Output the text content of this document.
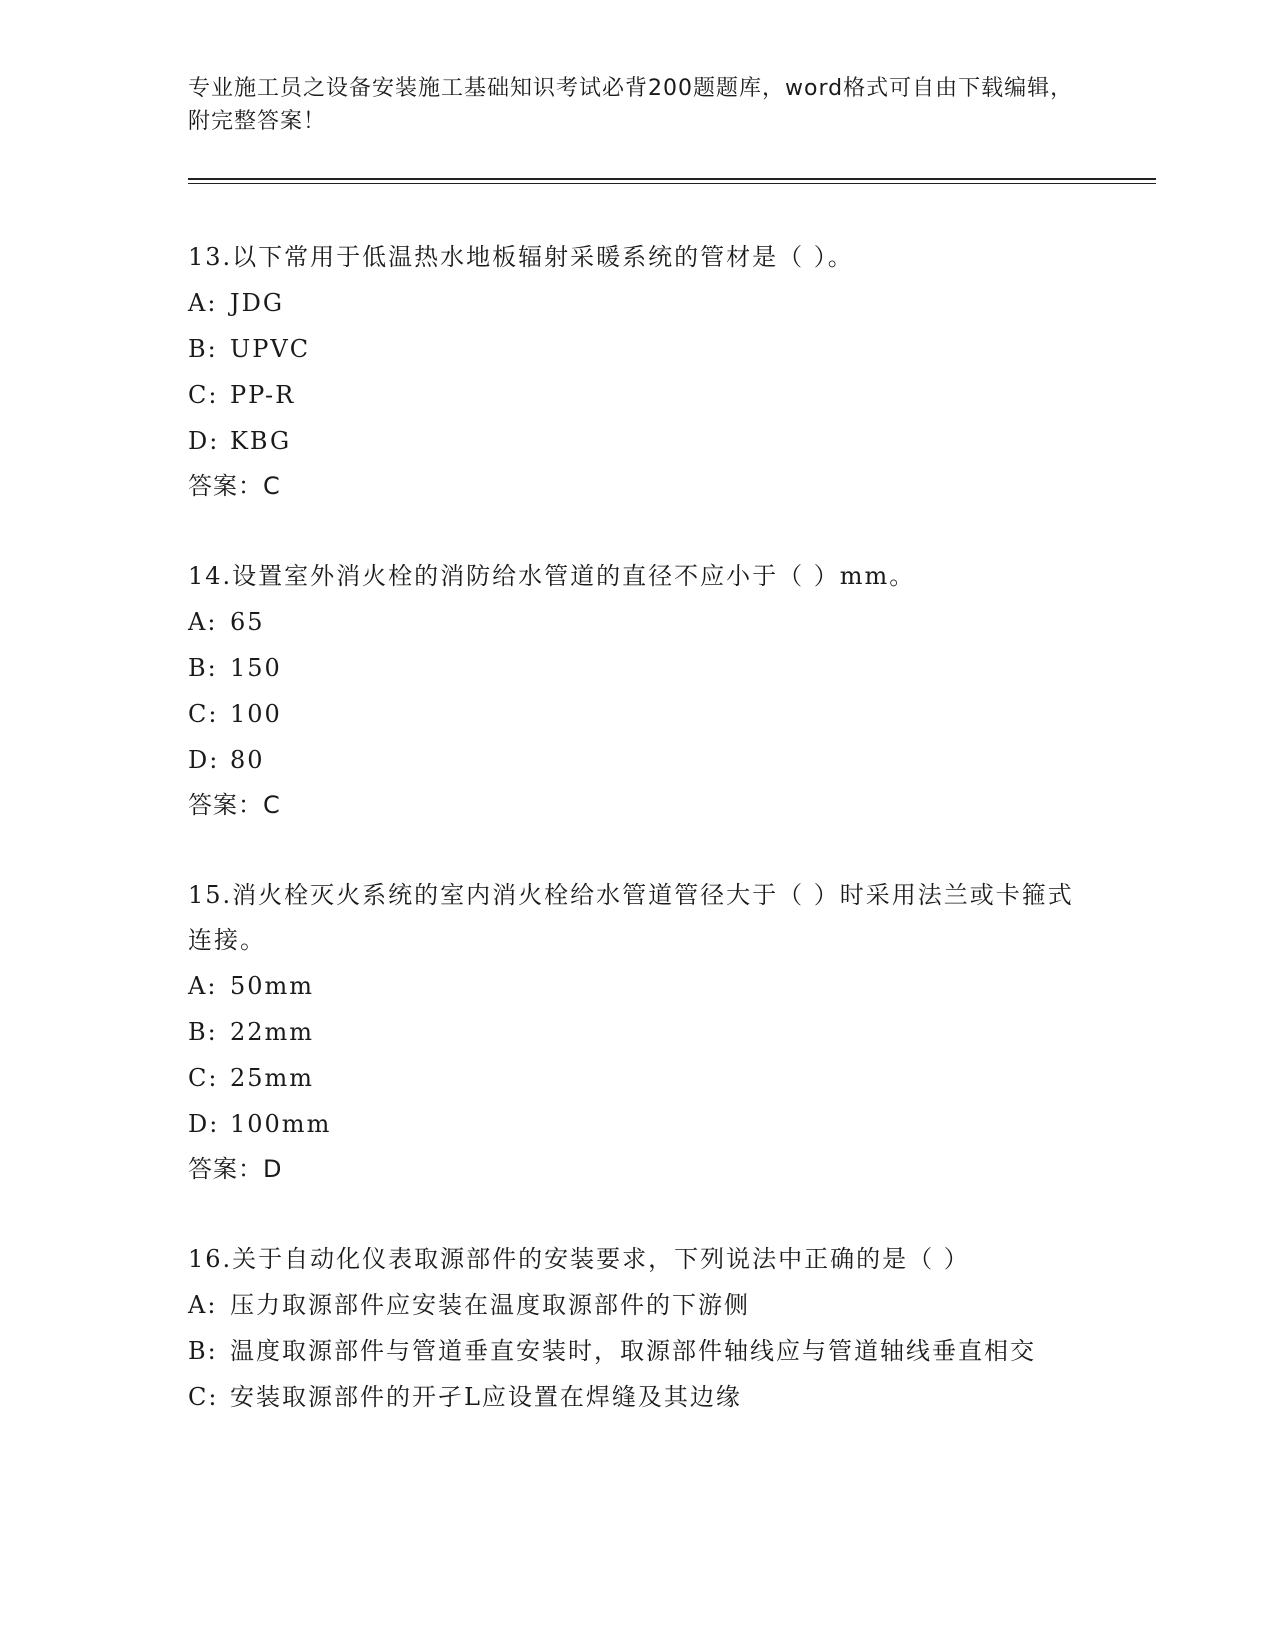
专业施工员之设备安装施工基础知识考试必背200题题库，word格式可自由下载编辑，附完整答案！

13.以下常用于低温热水地板辐射采暖系统的管材是（ ）。

A: JDG

B: UPVC

C: PP-R

D: KBG

答案：C

14.设置室外消火栓的消防给水管道的直径不应小于（ ）mm。

A: 65

B: 150

C: 100

D: 80

答案：C

15.消火栓灭火系统的室内消火栓给水管道管径大于（ ）时采用法兰或卡箍式连接。

A: 50mm

B: 22mm

C: 25mm

D: 100mm

答案：D

16.关于自动化仪表取源部件的安装要求，下列说法中正确的是（ ）

A: 压力取源部件应安装在温度取源部件的下游侧

B: 温度取源部件与管道垂直安装时，取源部件轴线应与管道轴线垂直相交

C: 安装取源部件的开孑L应设置在焊缝及其边缘
